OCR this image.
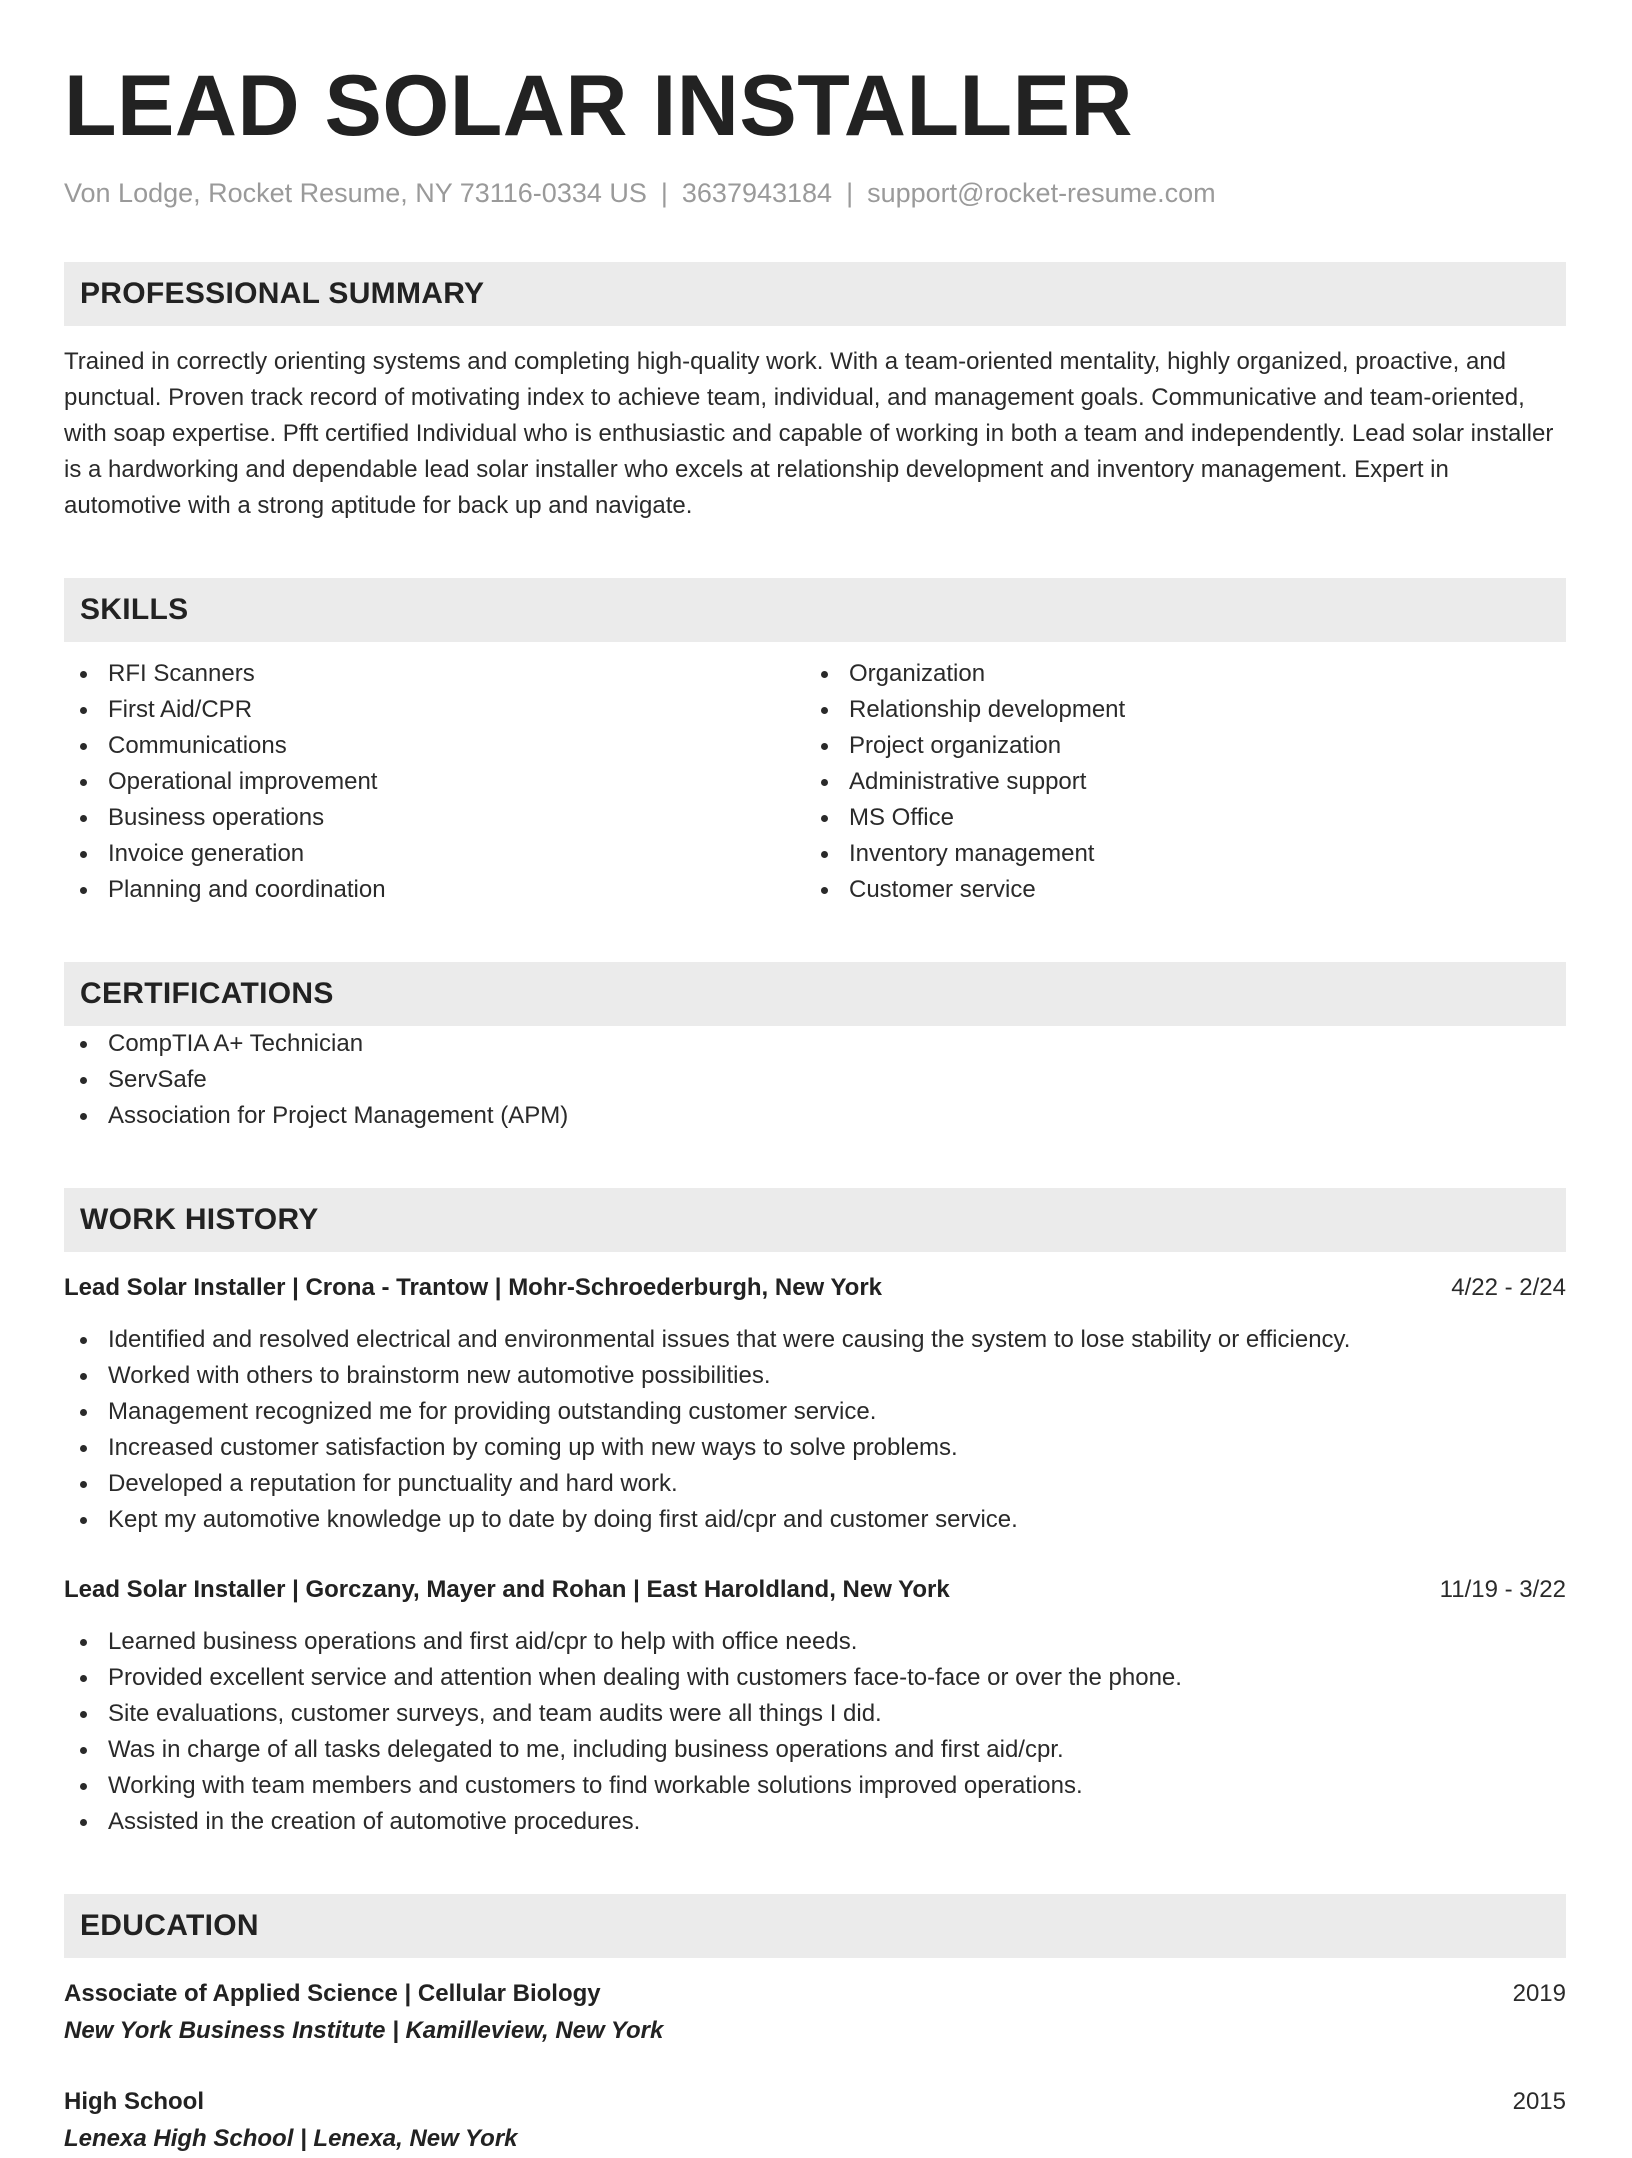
LEAD SOLAR INSTALLER
Von Lodge, Rocket Resume, NY 73116-0334 US | 3637943184 | support@rocket-resume.com
PROFESSIONAL SUMMARY
Trained in correctly orienting systems and completing high-quality work. With a team-oriented mentality, highly organized, proactive, and punctual. Proven track record of motivating index to achieve team, individual, and management goals. Communicative and team-oriented, with soap expertise. Pfft certified Individual who is enthusiastic and capable of working in both a team and independently. Lead solar installer is a hardworking and dependable lead solar installer who excels at relationship development and inventory management. Expert in automotive with a strong aptitude for back up and navigate.
SKILLS
RFI Scanners
First Aid/CPR
Communications
Operational improvement
Business operations
Invoice generation
Planning and coordination
Organization
Relationship development
Project organization
Administrative support
MS Office
Inventory management
Customer service
CERTIFICATIONS
CompTIA A+ Technician
ServSafe
Association for Project Management (APM)
WORK HISTORY
Lead Solar Installer | Crona - Trantow | Mohr-Schroederburgh, New York	4/22 - 2/24
Identified and resolved electrical and environmental issues that were causing the system to lose stability or efficiency.
Worked with others to brainstorm new automotive possibilities.
Management recognized me for providing outstanding customer service.
Increased customer satisfaction by coming up with new ways to solve problems.
Developed a reputation for punctuality and hard work.
Kept my automotive knowledge up to date by doing first aid/cpr and customer service.
Lead Solar Installer | Gorczany, Mayer and Rohan | East Haroldland, New York	11/19 - 3/22
Learned business operations and first aid/cpr to help with office needs.
Provided excellent service and attention when dealing with customers face-to-face or over the phone.
Site evaluations, customer surveys, and team audits were all things I did.
Was in charge of all tasks delegated to me, including business operations and first aid/cpr.
Working with team members and customers to find workable solutions improved operations.
Assisted in the creation of automotive procedures.
EDUCATION
Associate of Applied Science | Cellular Biology	2019
New York Business Institute | Kamilleview, New York
High School	2015
Lenexa High School | Lenexa, New York
